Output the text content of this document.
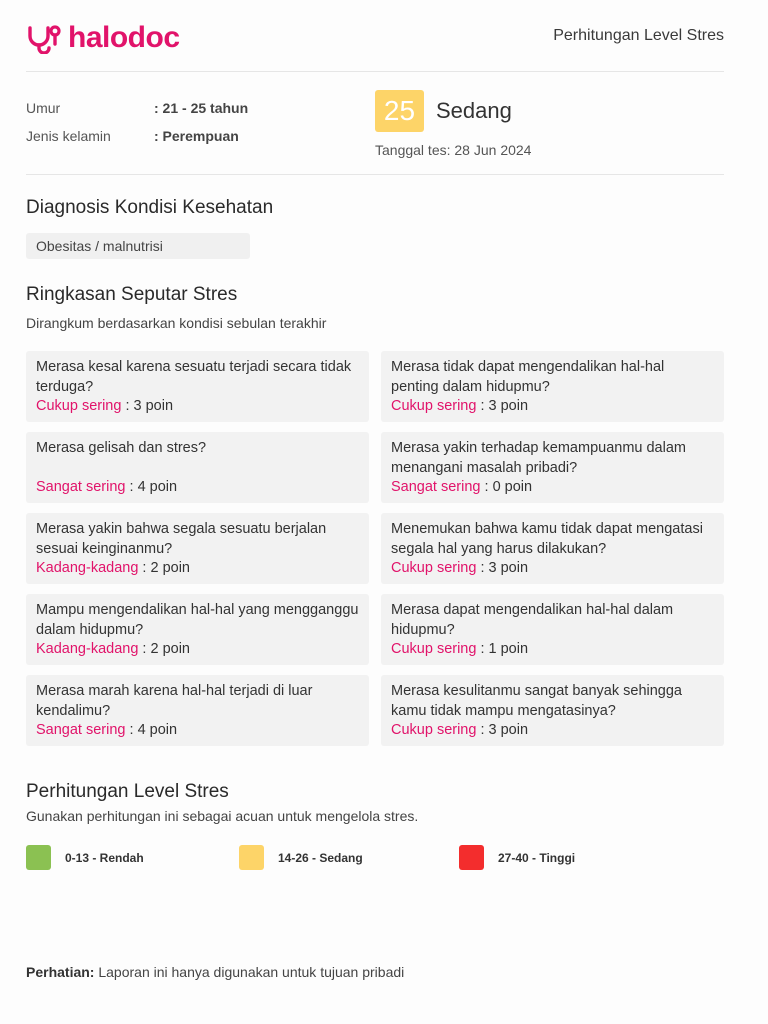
halodoc	Perhitungan Level Stres
Umur	: 21 - 25 tahun
Jenis kelamin	: Perempuan
25 Sedang
Tanggal tes: 28 Jun 2024
Diagnosis Kondisi Kesehatan
Obesitas / malnutrisi
Ringkasan Seputar Stres
Dirangkum berdasarkan kondisi sebulan terakhir
Merasa kesal karena sesuatu terjadi secara tidak terduga?
Cukup sering : 3 poin
Merasa tidak dapat mengendalikan hal-hal penting dalam hidupmu?
Cukup sering : 3 poin
Merasa gelisah dan stres?
Sangat sering : 4 poin
Merasa yakin terhadap kemampuanmu dalam menangani masalah pribadi?
Sangat sering : 0 poin
Merasa yakin bahwa segala sesuatu berjalan sesuai keinginanmu?
Kadang-kadang : 2 poin
Menemukan bahwa kamu tidak dapat mengatasi segala hal yang harus dilakukan?
Cukup sering : 3 poin
Mampu mengendalikan hal-hal yang mengganggu dalam hidupmu?
Kadang-kadang : 2 poin
Merasa dapat mengendalikan hal-hal dalam hidupmu?
Cukup sering : 1 poin
Merasa marah karena hal-hal terjadi di luar kendalimu?
Sangat sering : 4 poin
Merasa kesulitanmu sangat banyak sehingga kamu tidak mampu mengatasinya?
Cukup sering : 3 poin
Perhitungan Level Stres
Gunakan perhitungan ini sebagai acuan untuk mengelola stres.
0-13 - Rendah	14-26 - Sedang	27-40 - Tinggi
Perhatian: Laporan ini hanya digunakan untuk tujuan pribadi
